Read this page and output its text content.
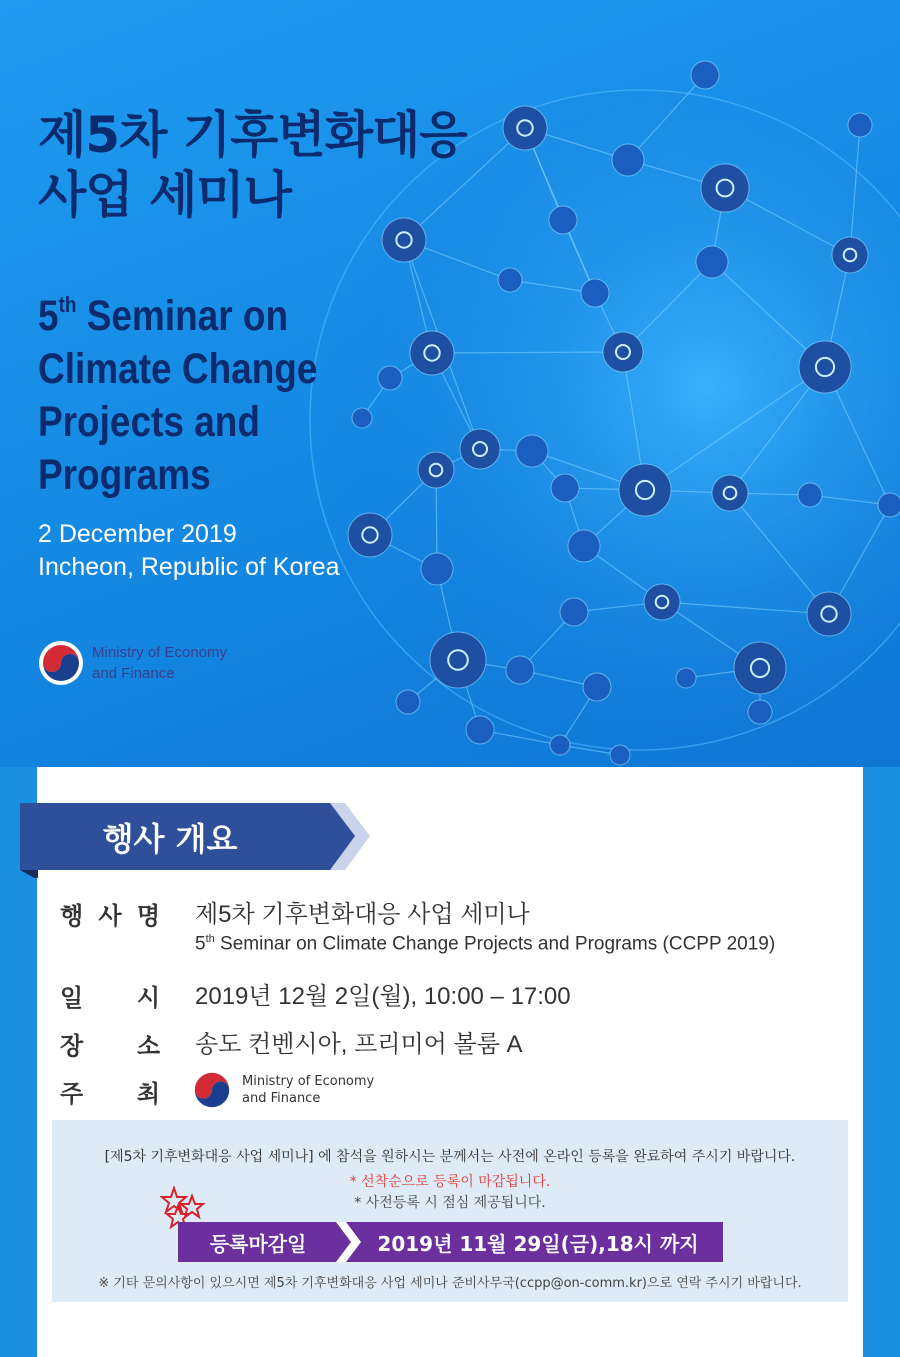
제5차 기후변화대응
사업 세미나
5th Seminar on
Climate Change
Projects and
Programs
2 December 2019
Incheon, Republic of Korea
Ministry of Economy
and Finance
행사 개요
행 사 명 제5차 기후변화대응 사업 세미나
5th Seminar on Climate Change Projects and Programs (CCPP 2019)
일 시 2019년 12월 2일(월), 10:00 – 17:00
장 소 송도 컨벤시아, 프리미어 볼룸 A
주 최	Ministry of Economy
and Finance
[제5차 기후변화대응 사업 세미나] 에 참석을 원하시는 분께서는 사전에 온라인 등록을 완료하여 주시기 바랍니다.
* 선착순으로 등록이 마감됩니다.
* 사전등록 시 점심 제공됩니다.
※ 기타 문의사항이 있으시면 제5차 기후변화대응 사업 세미나 준비사무국(ccpp@on-comm.kr)으로 연락 주시기 바랍니다.
등록마감일	2019년 11월 29일(금),18시 까지
